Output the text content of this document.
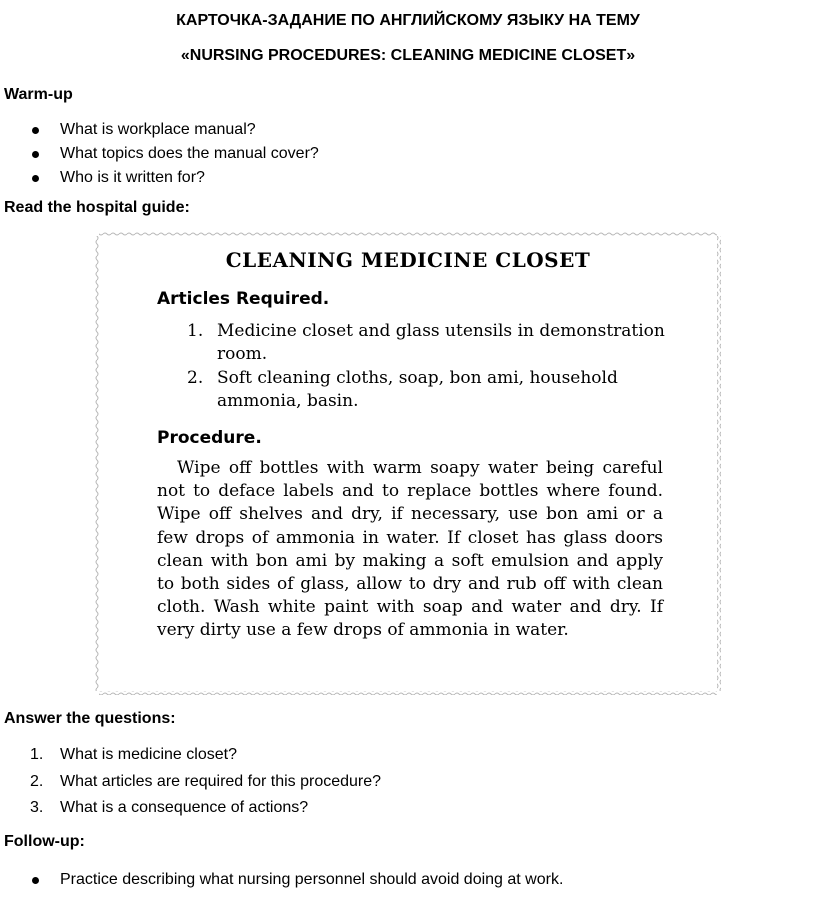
КАРТОЧКА-ЗАДАНИЕ ПО АНГЛИЙСКОМУ ЯЗЫКУ НА ТЕМУ
«NURSING PROCEDURES: CLEANING MEDICINE CLOSET»
Warm-up
What is workplace manual?
What topics does the manual cover?
Who is it written for?
Read the hospital guide:
CLEANING MEDICINE CLOSET
Articles Required.
1. Medicine closet and glass utensils in demonstration room.
2. Soft cleaning cloths, soap, bon ami, household ammonia, basin.
Procedure.
Wipe off bottles with warm soapy water being careful not to deface labels and to replace bottles where found. Wipe off shelves and dry, if necessary, use bon ami or a few drops of ammonia in water. If closet has glass doors clean with bon ami by making a soft emulsion and apply to both sides of glass, allow to dry and rub off with clean cloth. Wash white paint with soap and water and dry. If very dirty use a few drops of ammonia in water.
Answer the questions:
1. What is medicine closet?
2. What articles are required for this procedure?
3. What is a consequence of actions?
Follow-up:
Practice describing what nursing personnel should avoid doing at work.
